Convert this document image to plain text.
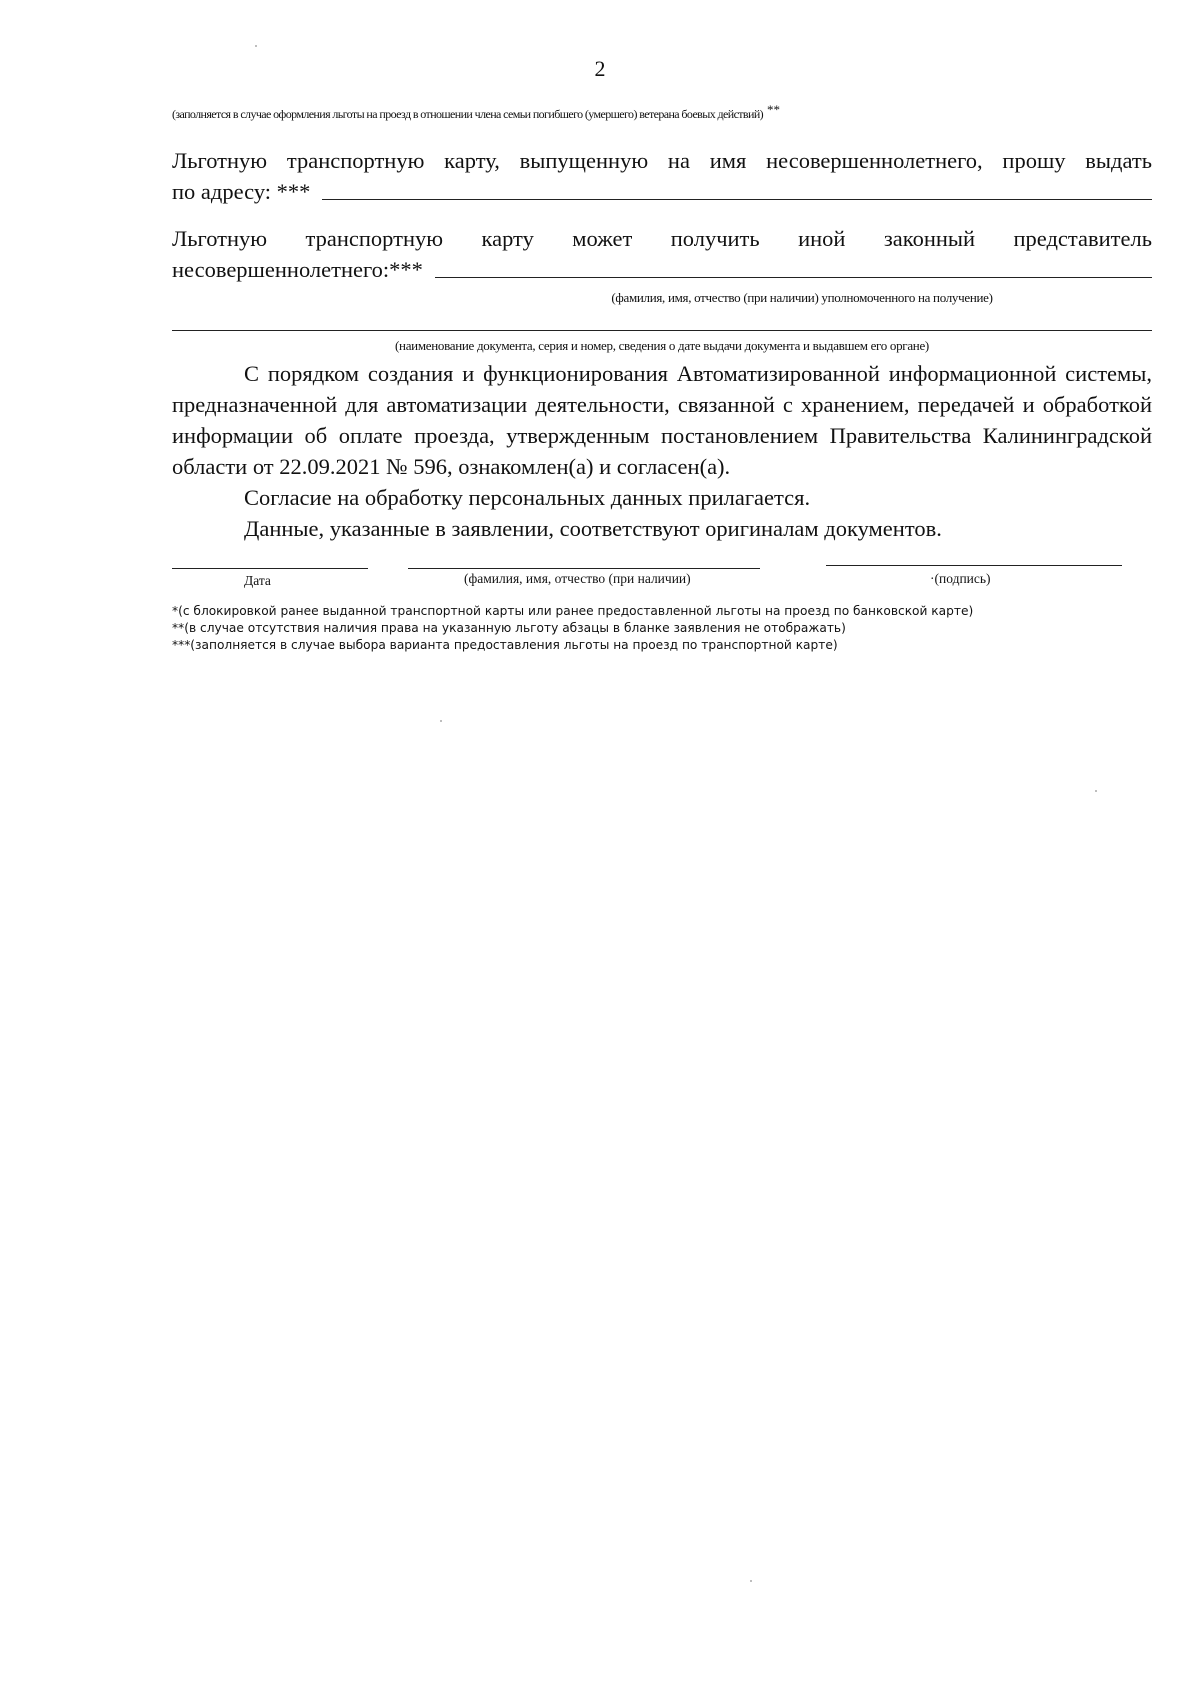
2
(заполняется в случае оформления льготы на проезд в отношении члена семьи погибшего (умершего) ветерана боевых действий) **
Льготную транспортную карту, выпущенную на имя несовершеннолетнего, прошу выдать
по адресу: ***
Льготную транспортную карту может получить иной законный представитель
несовершеннолетнего:***
(фамилия, имя, отчество (при наличии) уполномоченного на получение)
(наименование документа, серия и номер, сведения о дате выдачи документа и выдавшем его органе)
С порядком создания и функционирования Автоматизированной информационной системы, предназначенной для автоматизации деятельности, связанной с хранением, передачей и обработкой информации об оплате проезда, утвержденным постановлением Правительства Калининградской области от 22.09.2021 № 596, ознакомлен(а) и согласен(а).
Согласие на обработку персональных данных прилагается.
Данные, указанные в заявлении, соответствуют оригиналам документов.
Дата	(фамилия, имя, отчество (при наличии)	·(подпись)
*(с блокировкой ранее выданной транспортной карты или ранее предоставленной льготы на проезд по банковской карте)
**(в случае отсутствия наличия права на указанную льготу абзацы в бланке заявления не отображать)
***(заполняется в случае выбора варианта предоставления льготы на проезд по транспортной карте)
